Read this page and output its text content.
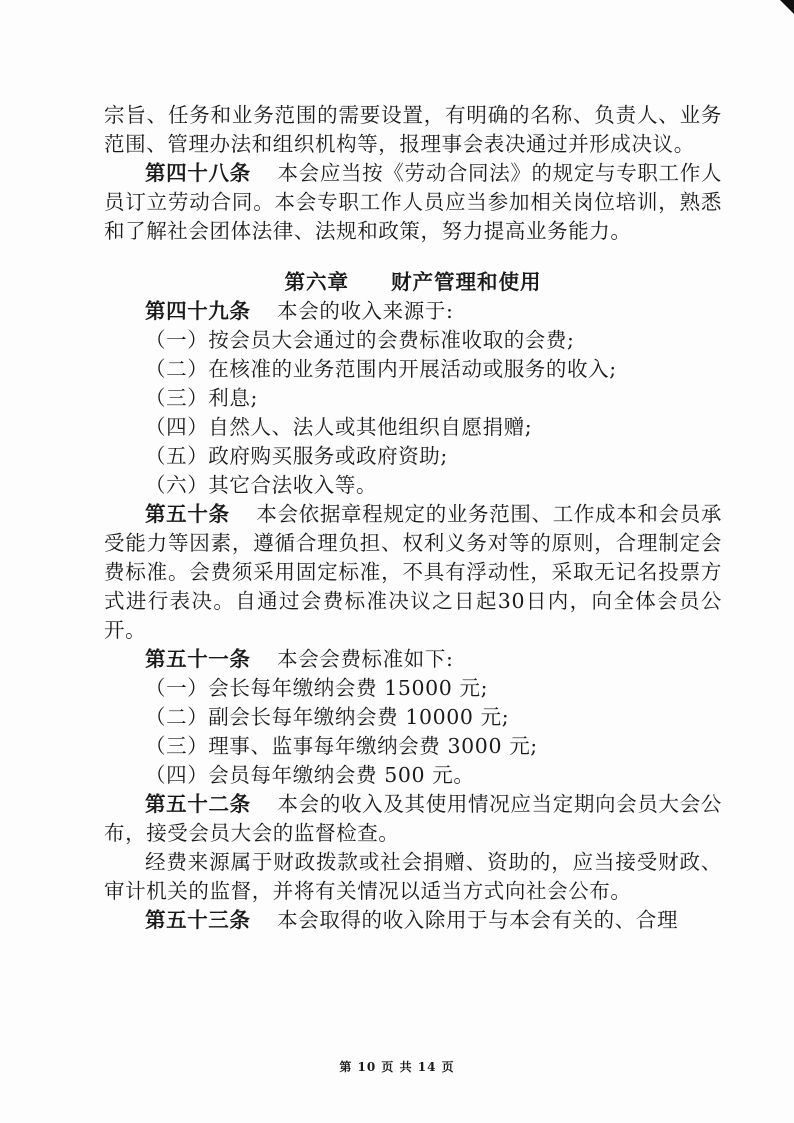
宗旨、任务和业务范围的需要设置，有明确的名称、负责人、业务范围、管理办法和组织机构等，报理事会表决通过并形成决议。

第四十八条 本会应当按《劳动合同法》的规定与专职工作人员订立劳动合同。本会专职工作人员应当参加相关岗位培训，熟悉和了解社会团体法律、法规和政策，努力提高业务能力。

第六章 财产管理和使用

第四十九条 本会的收入来源于:

（一）按会员大会通过的会费标准收取的会费;

（二）在核准的业务范围内开展活动或服务的收入;

（三）利息;

（四）自然人、法人或其他组织自愿捐赠;

（五）政府购买服务或政府资助;

（六）其它合法收入等。

第五十条 本会依据章程规定的业务范围、工作成本和会员承受能力等因素，遵循合理负担、权利义务对等的原则，合理制定会费标准。会费须采用固定标准，不具有浮动性，采取无记名投票方式进行表决。自通过会费标准决议之日起30日内，向全体会员公开。

第五十一条 本会会费标准如下:

（一）会长每年缴纳会费 15000 元;

（二）副会长每年缴纳会费 10000 元;

（三）理事、监事每年缴纳会费 3000 元;

（四）会员每年缴纳会费 500 元。

第五十二条 本会的收入及其使用情况应当定期向会员大会公布，接受会员大会的监督检查。

经费来源属于财政拨款或社会捐赠、资助的，应当接受财政、审计机关的监督，并将有关情况以适当方式向社会公布。

第五十三条 本会取得的收入除用于与本会有关的、合理

第 10 页 共 14 页
